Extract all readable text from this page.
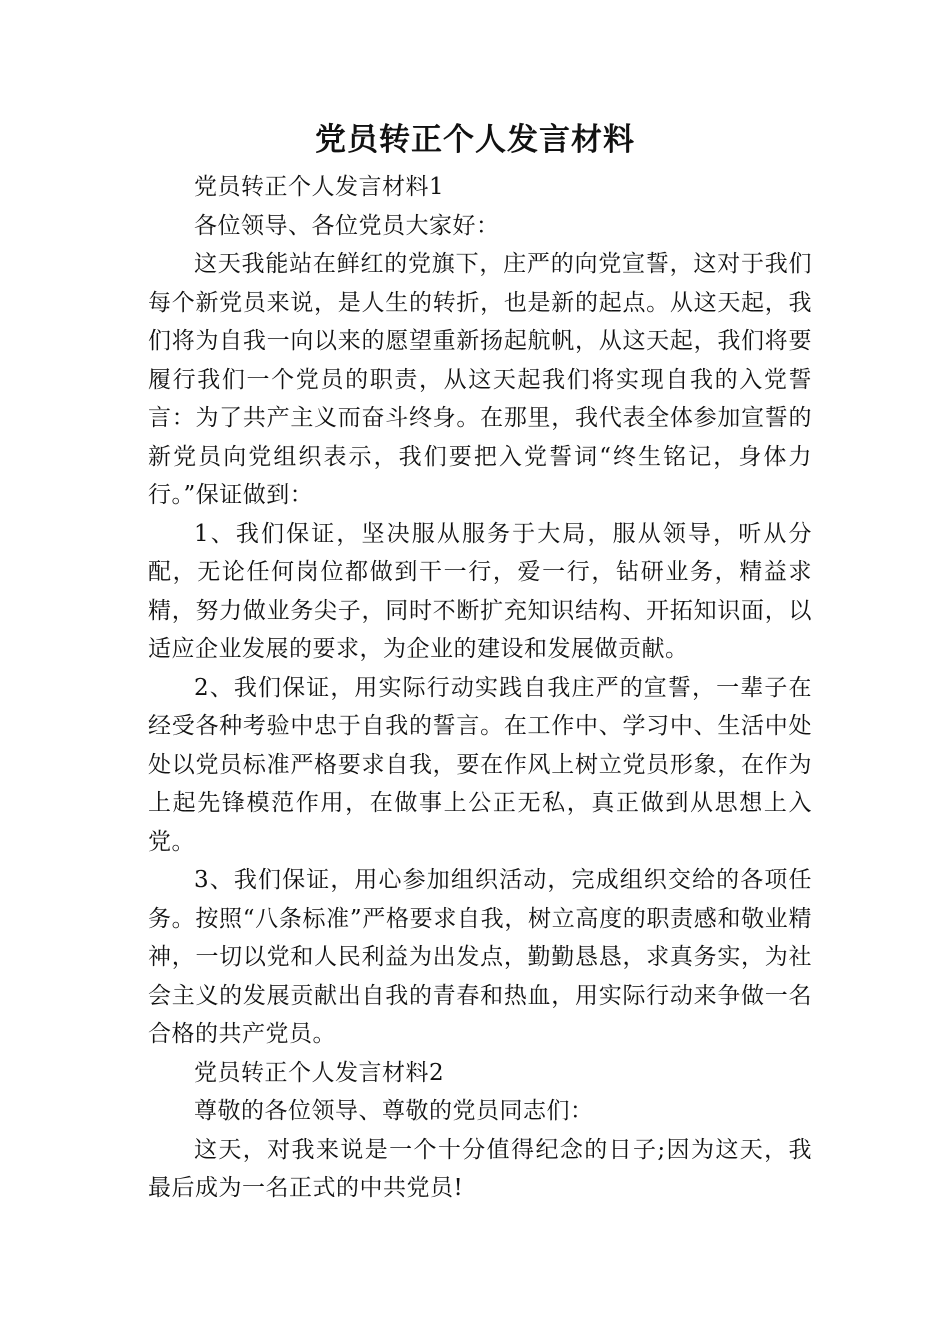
党员转正个人发言材料

党员转正个人发言材料1

各位领导、各位党员大家好：

这天我能站在鲜红的党旗下，庄严的向党宣誓，这对于我们每个新党员来说，是人生的转折，也是新的起点。从这天起，我们将为自我一向以来的愿望重新扬起航帆，从这天起，我们将要履行我们一个党员的职责，从这天起我们将实现自我的入党誓言：为了共产主义而奋斗终身。在那里，我代表全体参加宣誓的新党员向党组织表示，我们要把入党誓词“终生铭记，身体力行。”保证做到：

1、我们保证，坚决服从服务于大局，服从领导，听从分配，无论任何岗位都做到干一行，爱一行，钻研业务，精益求精，努力做业务尖子，同时不断扩充知识结构、开拓知识面，以适应企业发展的要求，为企业的建设和发展做贡献。

2、我们保证，用实际行动实践自我庄严的宣誓，一辈子在经受各种考验中忠于自我的誓言。在工作中、学习中、生活中处处以党员标准严格要求自我，要在作风上树立党员形象，在作为上起先锋模范作用，在做事上公正无私，真正做到从思想上入党。

3、我们保证，用心参加组织活动，完成组织交给的各项任务。按照“八条标准”严格要求自我，树立高度的职责感和敬业精神，一切以党和人民利益为出发点，勤勤恳恳，求真务实，为社会主义的发展贡献出自我的青春和热血，用实际行动来争做一名合格的共产党员。

党员转正个人发言材料2

尊敬的各位领导、尊敬的党员同志们：

这天，对我来说是一个十分值得纪念的日子;因为这天，我最后成为一名正式的中共党员!
